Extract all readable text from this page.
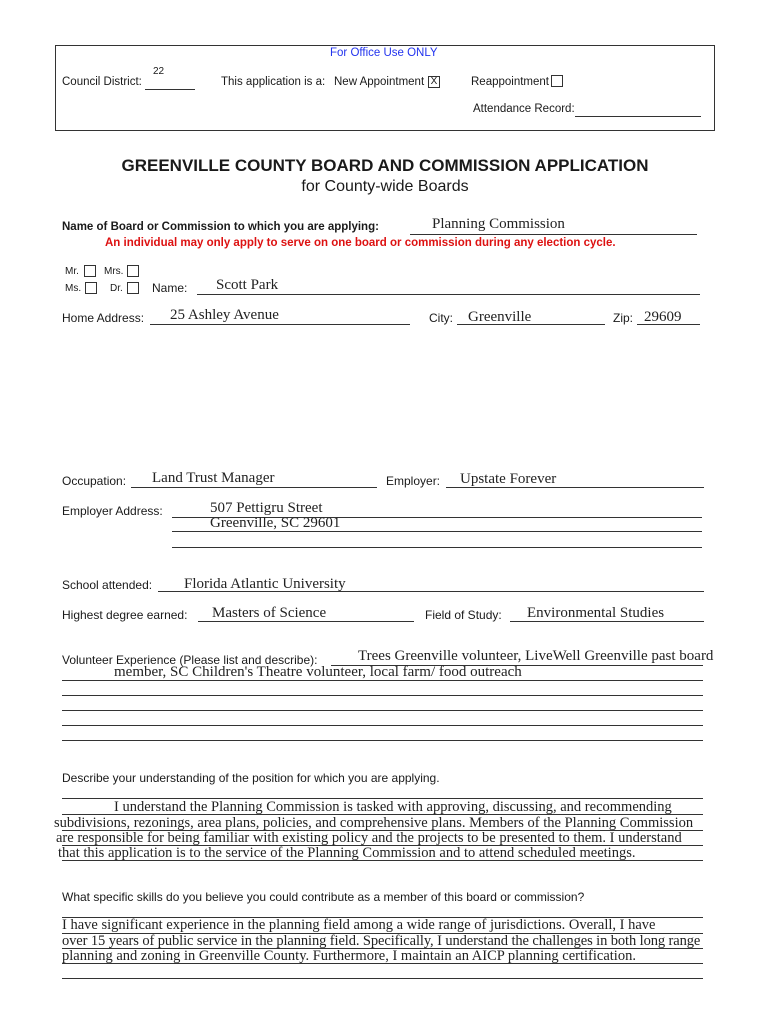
For Office Use ONLY
Council District:
22
This application is a: New Appointment X	Reappointment
Attendance Record:
GREENVILLE COUNTY BOARD AND COMMISSION APPLICATION
for County-wide Boards
Name of Board or Commission to which you are applying:	Planning Commission
An individual may only apply to serve on one board or commission during any election cycle.
Mr.	Mrs.
Ms.	Dr. Name: Scott Park
Home Address: 25 Ashley Avenue	City: Greenville	Zip: 29609
Occupation: Land Trust Manager	Employer: Upstate Forever
Employer Address:	507 Pettigru Street
Greenville, SC 29601
School attended: Florida Atlantic University
Highest degree earned: Masters of Science	Field of Study: Environmental Studies
Volunteer Experience (Please list and describe):	Trees Greenville volunteer, LiveWell Greenville past board
member, SC Children's Theatre volunteer, local farm/ food outreach
Describe your understanding of the position for which you are applying.
I understand the Planning Commission is tasked with approving, discussing, and recommending
subdivisions, rezonings, area plans, policies, and comprehensive plans. Members of the Planning Commission
are responsible for being familiar with existing policy and the projects to be presented to them. I understand
that this application is to the service of the Planning Commission and to attend scheduled meetings.
What specific skills do you believe you could contribute as a member of this board or commission?
I have significant experience in the planning field among a wide range of jurisdictions. Overall, I have
over 15 years of public service in the planning field. Specifically, I understand the challenges in both long range
planning and zoning in Greenville County. Furthermore, I maintain an AICP planning certification.
